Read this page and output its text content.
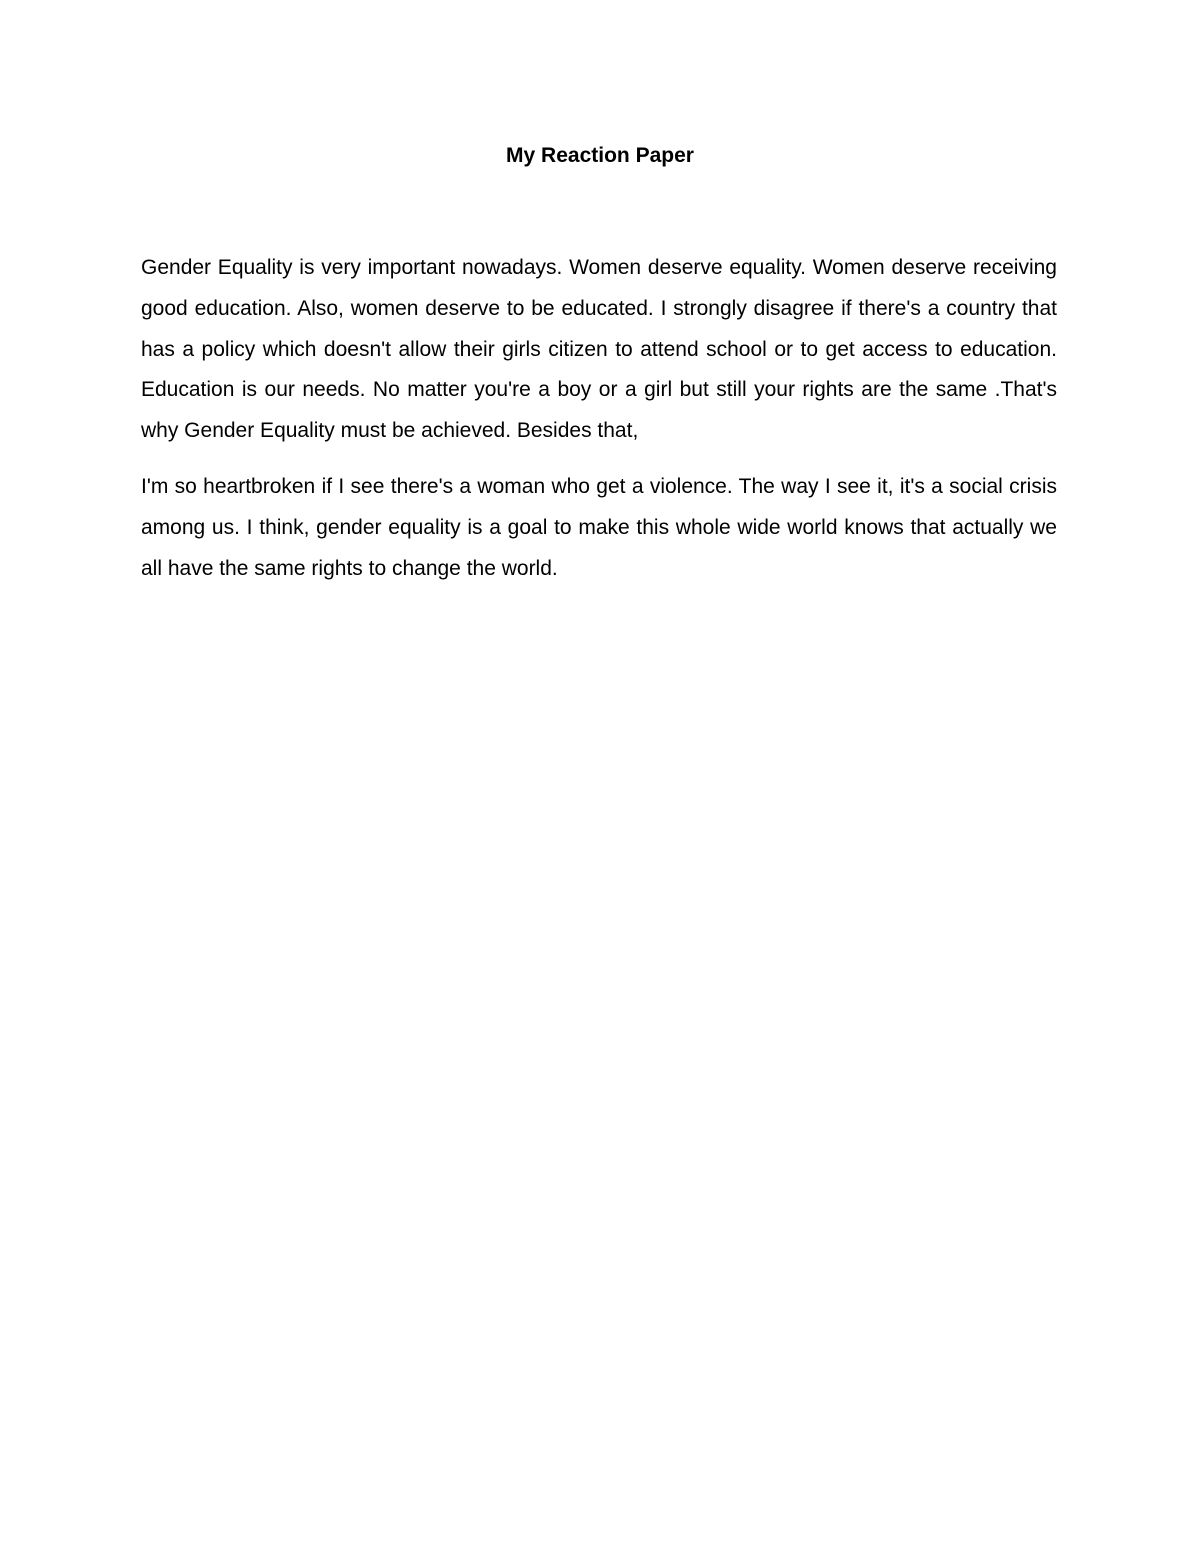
My Reaction Paper

Gender Equality is very important nowadays. Women deserve equality. Women deserve receiving good education. Also, women deserve to be educated. I strongly disagree if there's a country that has a policy which doesn't allow their girls citizen to attend school or to get access to education. Education is our needs. No matter you're a boy or a girl but still your rights are the same .That's why Gender Equality must be achieved. Besides that,

I'm so heartbroken if I see there's a woman who get a violence. The way I see it, it's a social crisis among us. I think, gender equality is a goal to make this whole wide world knows that actually we all have the same rights to change the world.
